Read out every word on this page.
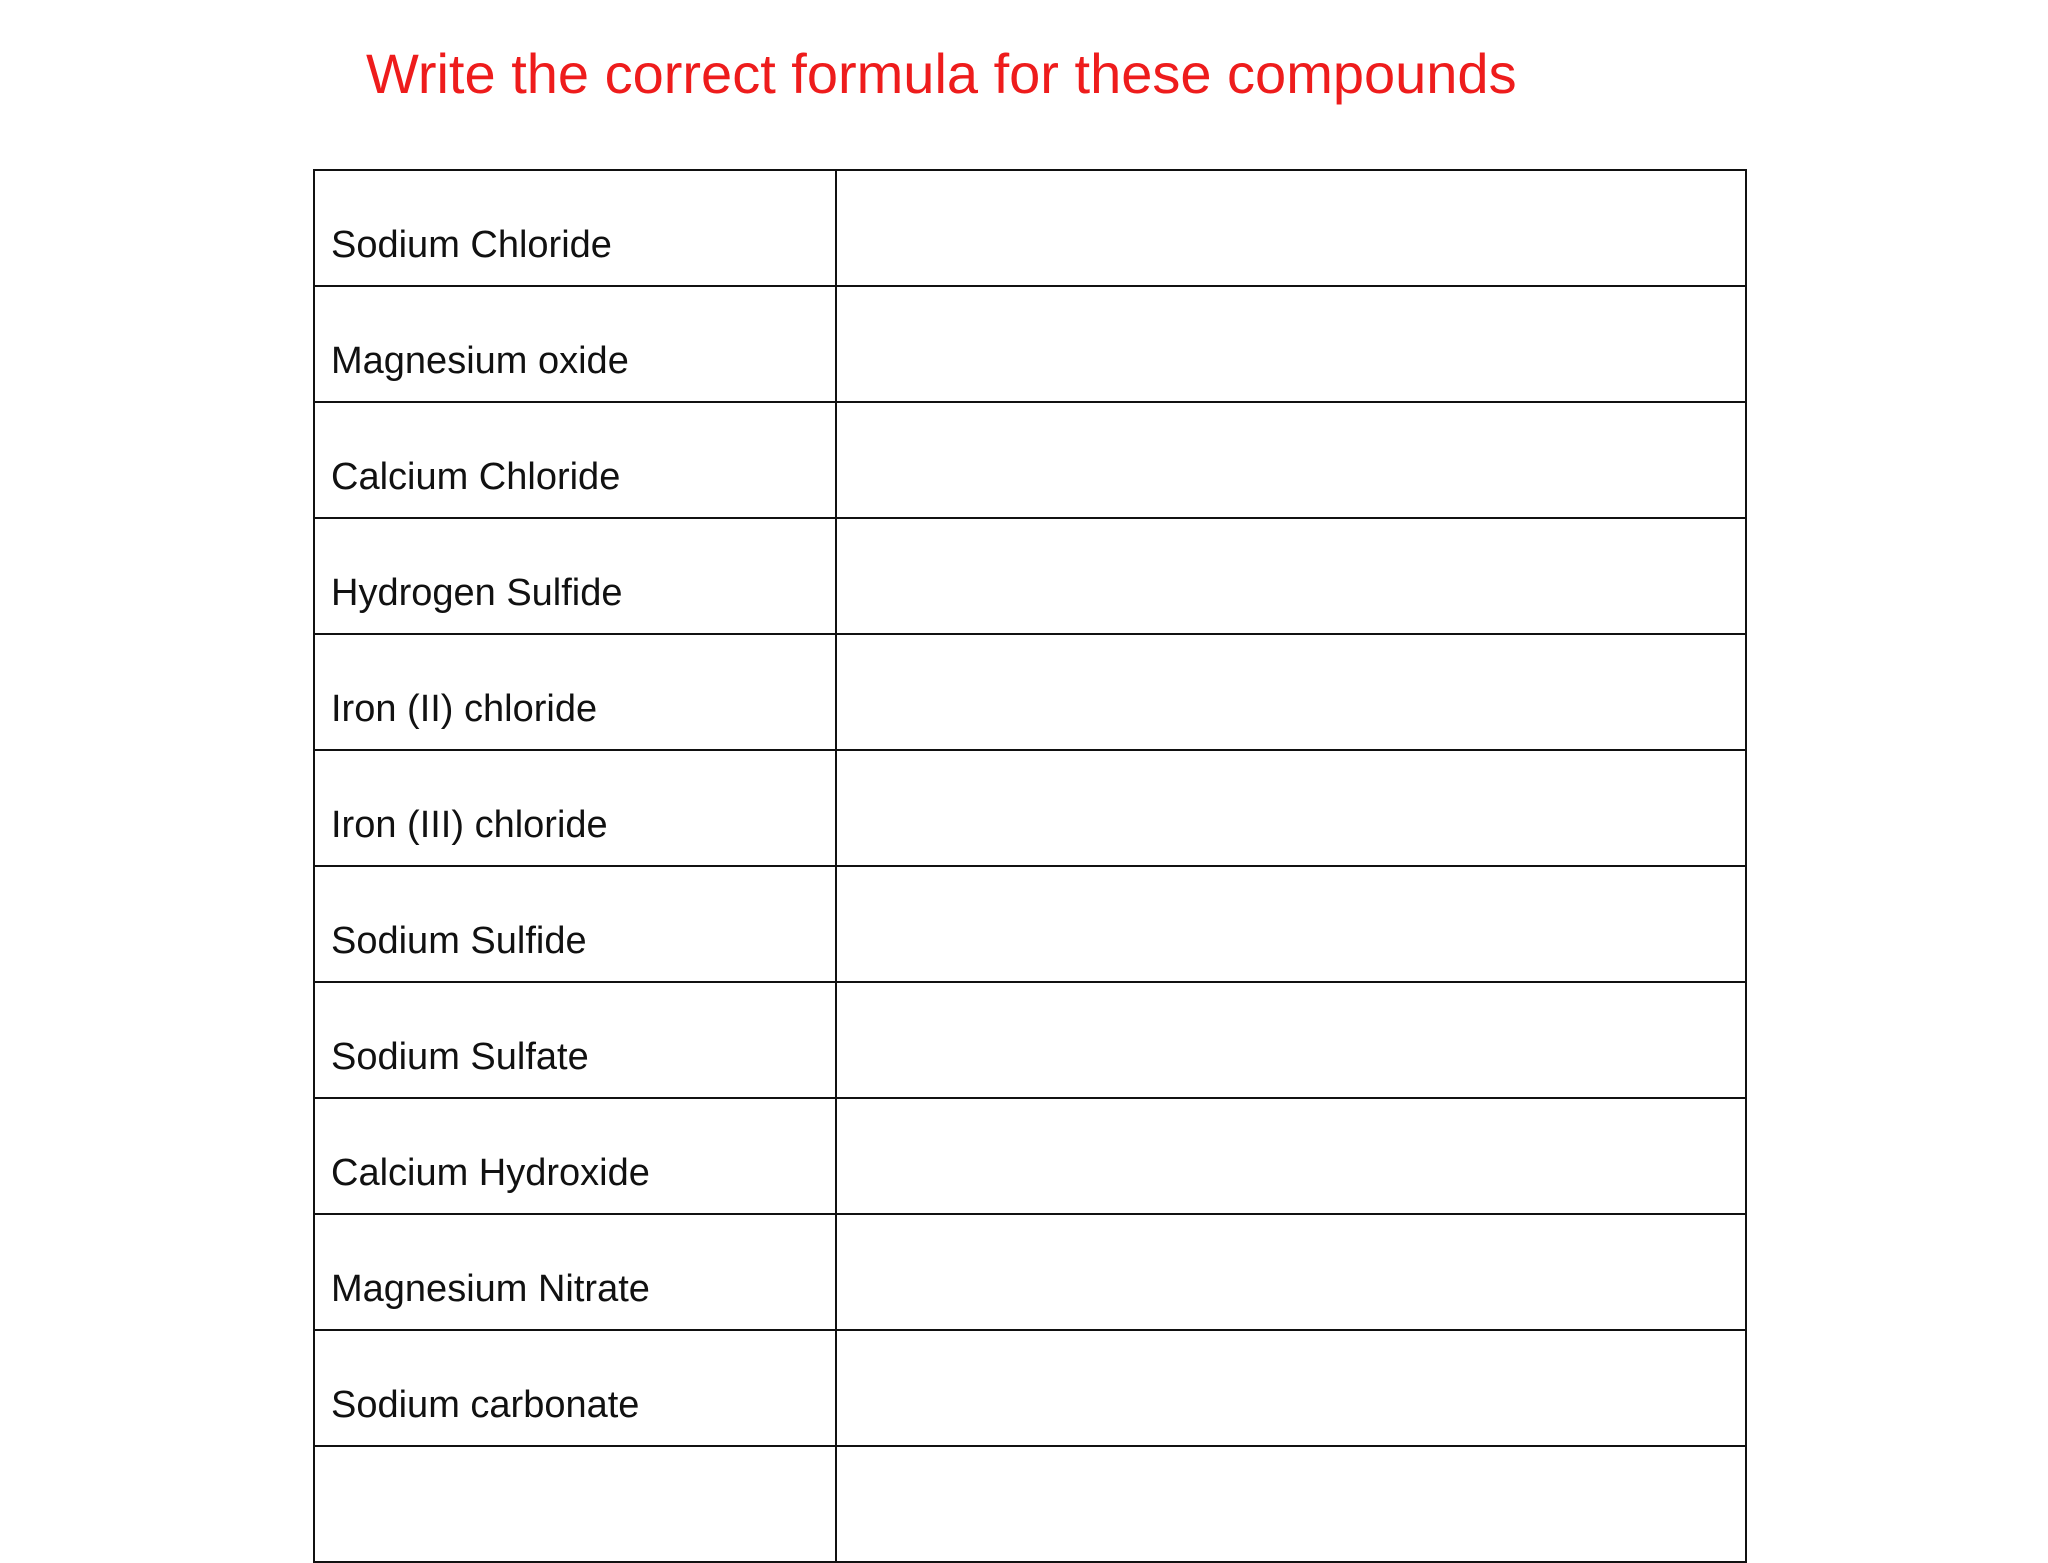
Write the correct formula for these compounds
Sodium Chloride	
Magnesium oxide	
Calcium Chloride	
Hydrogen Sulfide	
Iron (II) chloride	
Iron (III) chloride	
Sodium Sulfide	
Sodium Sulfate	
Calcium Hydroxide	
Magnesium Nitrate	
Sodium carbonate	
